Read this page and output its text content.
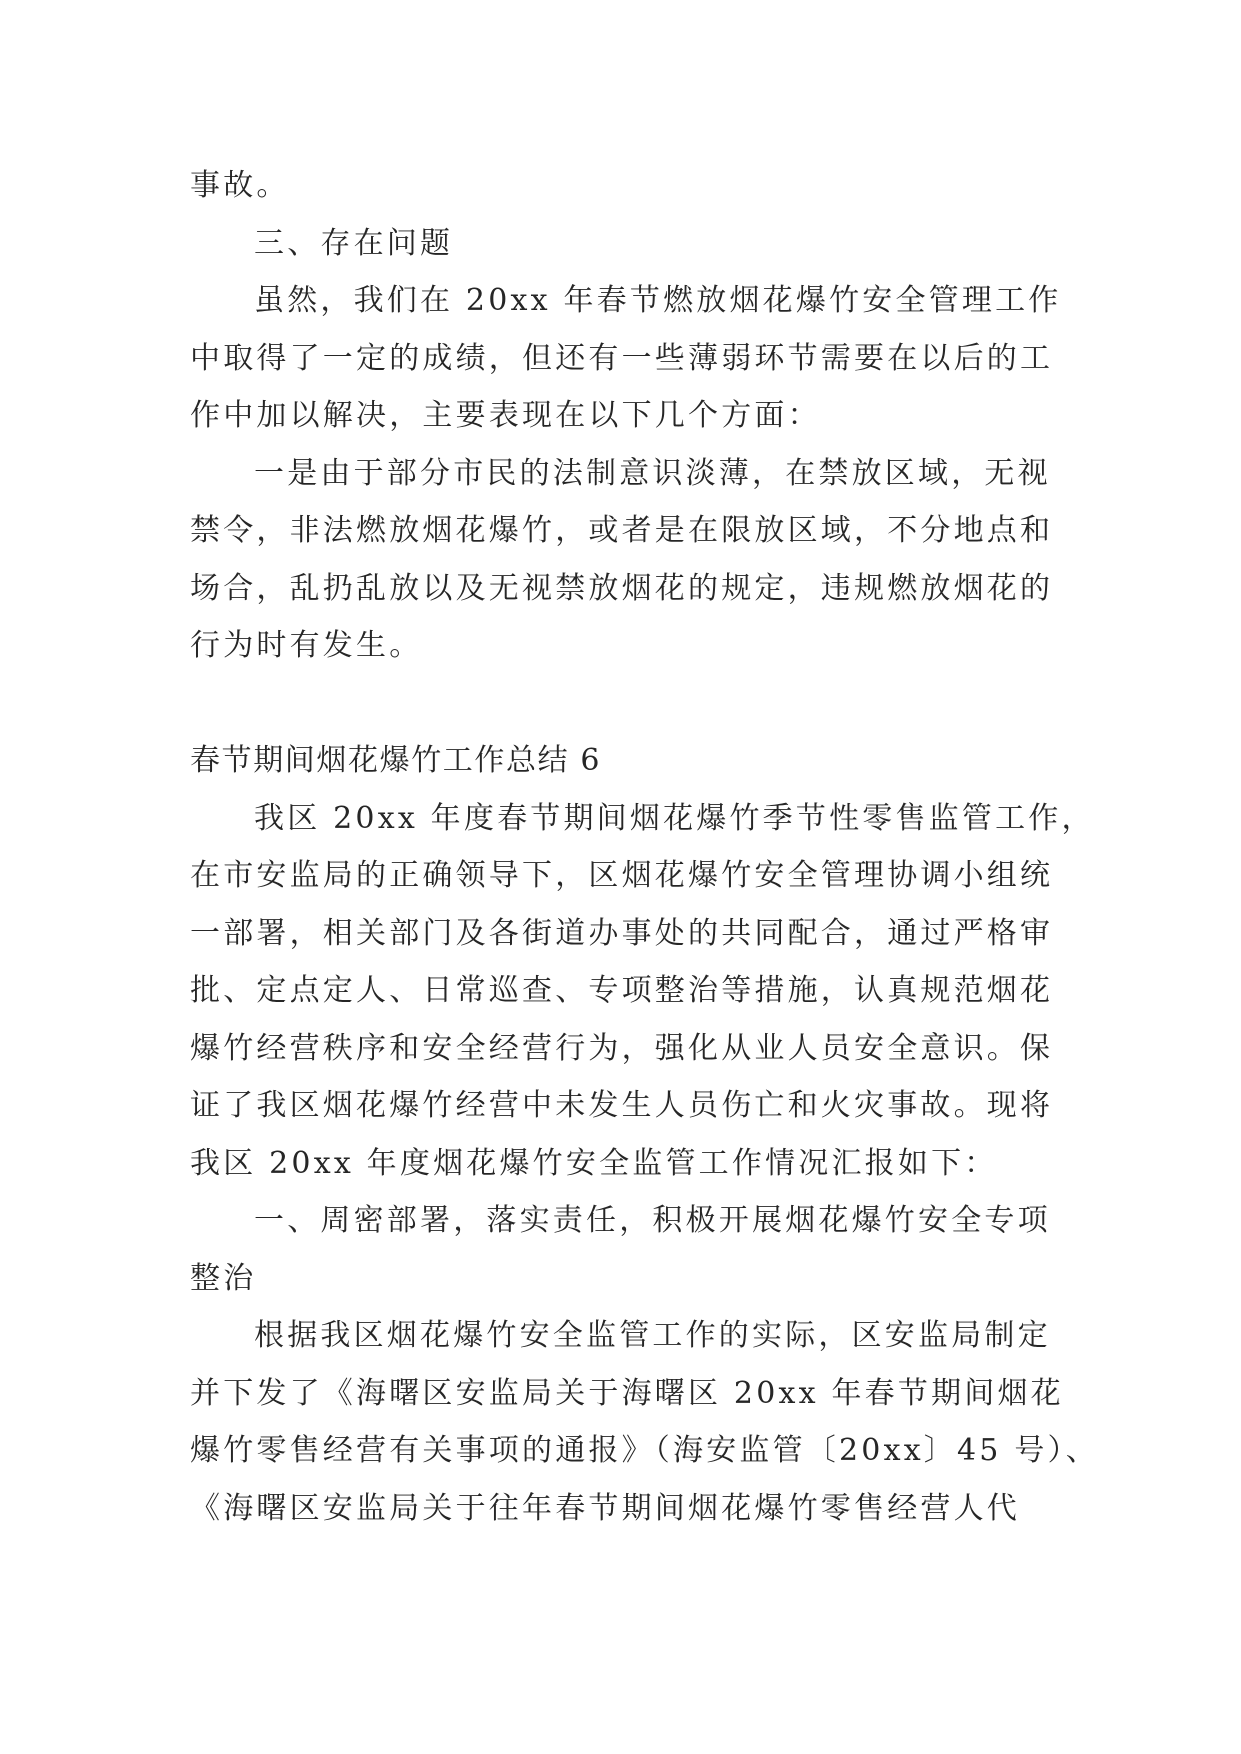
事故。
三、存在问题
虽然，我们在 20xx 年春节燃放烟花爆竹安全管理工作
中取得了一定的成绩，但还有一些薄弱环节需要在以后的工
作中加以解决，主要表现在以下几个方面：
一是由于部分市民的法制意识淡薄，在禁放区域，无视
禁令，非法燃放烟花爆竹，或者是在限放区域，不分地点和
场合，乱扔乱放以及无视禁放烟花的规定，违规燃放烟花的
行为时有发生。
春节期间烟花爆竹工作总结 6
我区 20xx 年度春节期间烟花爆竹季节性零售监管工作，
在市安监局的正确领导下，区烟花爆竹安全管理协调小组统
一部署，相关部门及各街道办事处的共同配合，通过严格审
批、定点定人、日常巡查、专项整治等措施，认真规范烟花
爆竹经营秩序和安全经营行为，强化从业人员安全意识。保
证了我区烟花爆竹经营中未发生人员伤亡和火灾事故。现将
我区 20xx 年度烟花爆竹安全监管工作情况汇报如下：
一、周密部署，落实责任，积极开展烟花爆竹安全专项
整治
根据我区烟花爆竹安全监管工作的实际，区安监局制定
并下发了《海曙区安监局关于海曙区 20xx 年春节期间烟花
爆竹零售经营有关事项的通报》（海安监管〔20xx〕45 号）、
《海曙区安监局关于往年春节期间烟花爆竹零售经营人代
